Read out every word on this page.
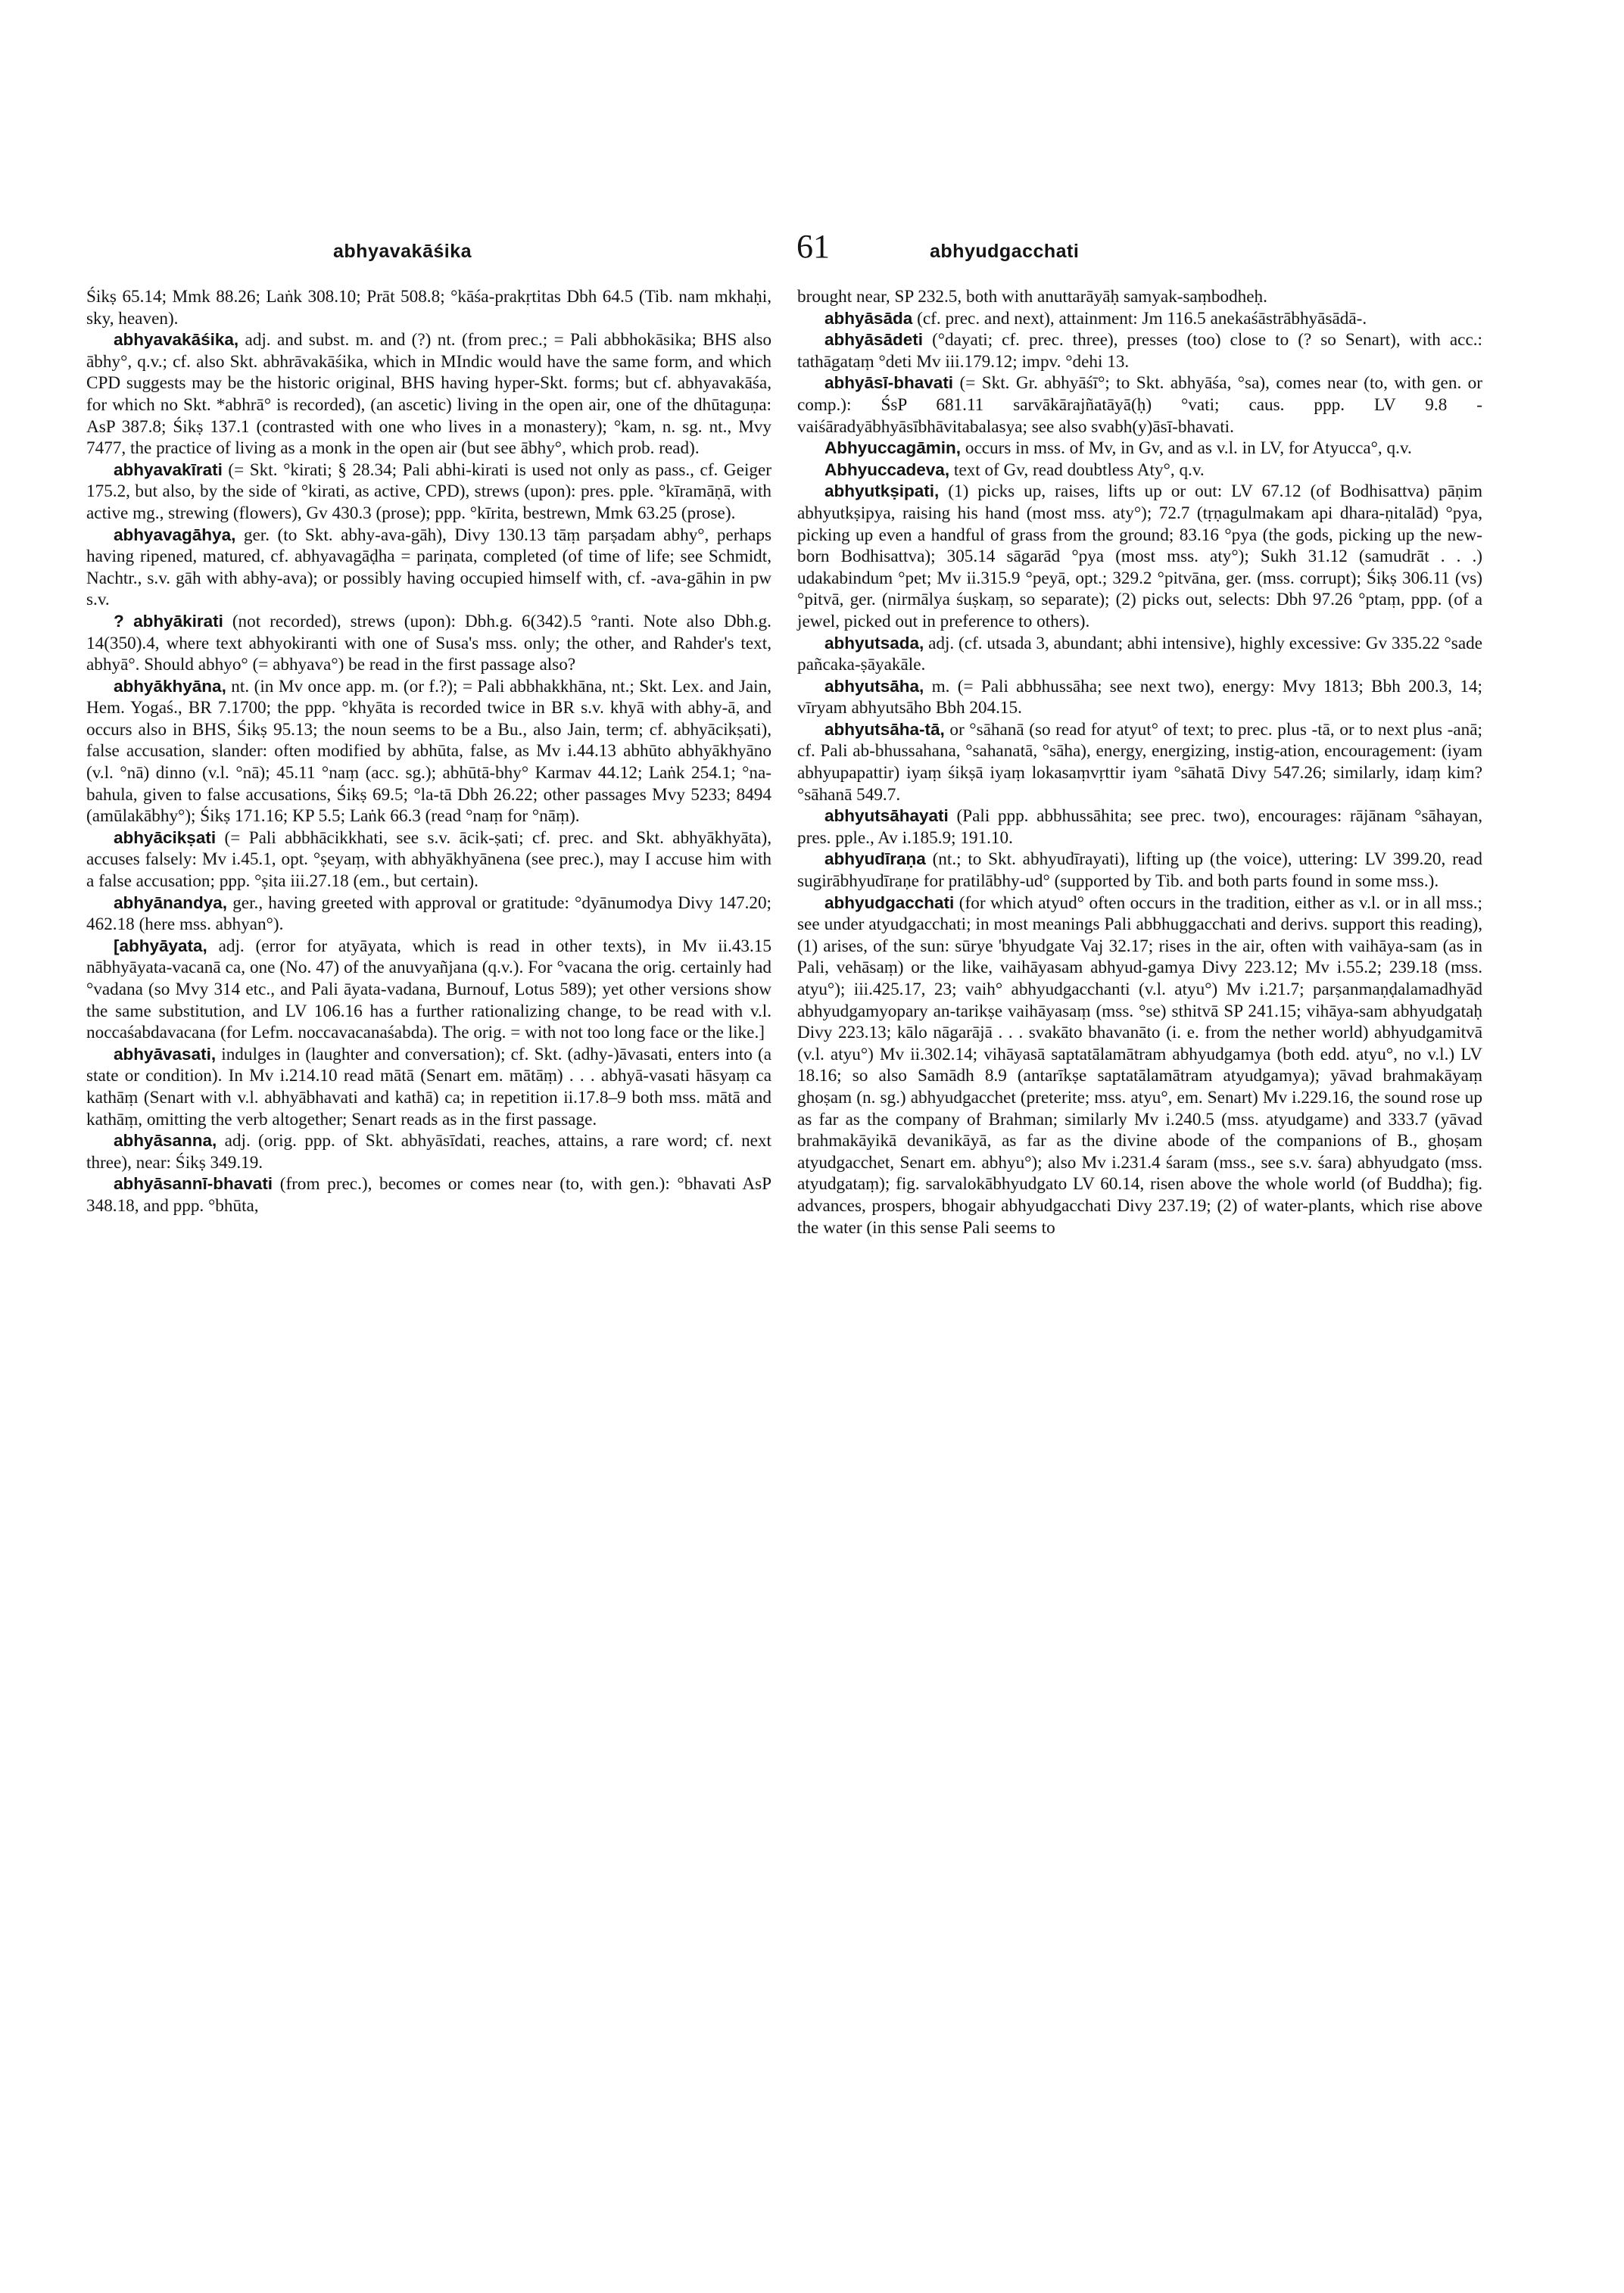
abhyavakāśika	61	abhyudgacchati

Śikṣ 65.14; Mmk 88.26; Laṅk 308.10; Prāt 508.8; °kāśa-prakṛtitas Dbh 64.5 (Tib. nam mkhaḥi, sky, heaven).

abhyavakāśika, adj. and subst. m. and (?) nt. (from prec.; = Pali abbhokāsika; BHS also ābhy°, q.v.; cf. also Skt. abhrāvakāśika, which in MIndic would have the same form, and which CPD suggests may be the historic original, BHS having hyper-Skt. forms; but cf. abhyavakāśa, for which no Skt. *abhrā° is recorded), (an ascetic) living in the open air, one of the dhūtaguṇa: AsP 387.8; Śikṣ 137.1 (contrasted with one who lives in a monastery); °kam, n. sg. nt., Mvy 7477, the practice of living as a monk in the open air (but see ābhy°, which prob. read).

abhyavakīrati (= Skt. °kirati; § 28.34; Pali abhi-kirati is used not only as pass., cf. Geiger 175.2, but also, by the side of °kirati, as active, CPD), strews (upon): pres. pple. °kīramāṇā, with active mg., strewing (flowers), Gv 430.3 (prose); ppp. °kīrita, bestrewn, Mmk 63.25 (prose).

abhyavagāhya, ger. (to Skt. abhy-ava-gāh), Divy 130.13 tāṃ parṣadam abhy°, perhaps having ripened, matured, cf. abhyavagāḍha = pariṇata, completed (of time of life; see Schmidt, Nachtr., s.v. gāh with abhy-ava); or possibly having occupied himself with, cf. -ava-gāhin in pw s.v.

? abhyākirati (not recorded), strews (upon): Dbh.g. 6(342).5 °ranti. Note also Dbh.g. 14(350).4, where text abhyokiranti with one of Susa's mss. only; the other, and Rahder's text, abhyā°. Should abhyo° (= abhyava°) be read in the first passage also?

abhyākhyāna, nt. (in Mv once app. m. (or f.?); = Pali abbhakkhāna, nt.; Skt. Lex. and Jain, Hem. Yogaś., BR 7.1700; the ppp. °khyāta is recorded twice in BR s.v. khyā with abhy-ā, and occurs also in BHS, Śikṣ 95.13; the noun seems to be a Bu., also Jain, term; cf. abhyācikṣati), false accusation, slander: often modified by abhūta, false, as Mv i.44.13 abhūto abhyākhyāno (v.l. °nā) dinno (v.l. °nā); 45.11 °naṃ (acc. sg.); abhūtā-bhy° Karmav 44.12; Laṅk 254.1; °na-bahula, given to false accusations, Śikṣ 69.5; °la-tā Dbh 26.22; other passages Mvy 5233; 8494 (amūlakābhy°); Śikṣ 171.16; KP 5.5; Laṅk 66.3 (read °naṃ for °nāṃ).

abhyācikṣati (= Pali abbhācikkhati, see s.v. ācik-ṣati; cf. prec. and Skt. abhyākhyāta), accuses falsely: Mv i.45.1, opt. °ṣeyaṃ, with abhyākhyānena (see prec.), may I accuse him with a false accusation; ppp. °ṣita iii.27.18 (em., but certain).

abhyānandya, ger., having greeted with approval or gratitude: °dyānumodya Divy 147.20; 462.18 (here mss. abhyan°).

[abhyāyata, adj. (error for atyāyata, which is read in other texts), in Mv ii.43.15 nābhyāyata-vacanā ca, one (No. 47) of the anuvyañjana (q.v.). For °vacana the orig. certainly had °vadana (so Mvy 314 etc., and Pali āyata-vadana, Burnouf, Lotus 589); yet other versions show the same substitution, and LV 106.16 has a further rationalizing change, to be read with v.l. noccaśabdavacana (for Lefm. noccavacanaśabda). The orig. = with not too long face or the like.]

abhyāvasati, indulges in (laughter and conversation); cf. Skt. (adhy-)āvasati, enters into (a state or condition). In Mv i.214.10 read mātā (Senart em. mātāṃ) . . . abhyā-vasati hāsyaṃ ca kathāṃ (Senart with v.l. abhyābhavati and kathā) ca; in repetition ii.17.8–9 both mss. mātā and kathāṃ, omitting the verb altogether; Senart reads as in the first passage.

abhyāsanna, adj. (orig. ppp. of Skt. abhyāsīdati, reaches, attains, a rare word; cf. next three), near: Śikṣ 349.19.

abhyāsannī-bhavati (from prec.), becomes or comes near (to, with gen.): °bhavati AsP 348.18, and ppp. °bhūta,

brought near, SP 232.5, both with anuttarāyāḥ samyak-saṃbodheḥ.

abhyāsāda (cf. prec. and next), attainment: Jm 116.5 anekaśāstrābhyāsādā-.

abhyāsādeti (°dayati; cf. prec. three), presses (too) close to (? so Senart), with acc.: tathāgataṃ °deti Mv iii.179.12; impv. °dehi 13.

abhyāsī-bhavati (= Skt. Gr. abhyāśī°; to Skt. abhyāśa, °sa), comes near (to, with gen. or comp.): ŚsP 681.11 sarvākārajñatāyā(ḥ) °vati; caus. ppp. LV 9.8 -vaiśāradyābhyāsībhāvitabalasya; see also svabh(y)āsī-bhavati.

Abhyuccagāmin, occurs in mss. of Mv, in Gv, and as v.l. in LV, for Atyucca°, q.v.

Abhyuccadeva, text of Gv, read doubtless Aty°, q.v.

abhyutkṣipati, (1) picks up, raises, lifts up or out: LV 67.12 (of Bodhisattva) pāṇim abhyutkṣipya, raising his hand (most mss. aty°); 72.7 (tṛṇagulmakam api dhara-ṇitalād) °pya, picking up even a handful of grass from the ground; 83.16 °pya (the gods, picking up the new-born Bodhisattva); 305.14 sāgarād °pya (most mss. aty°); Sukh 31.12 (samudrāt . . .) udakabindum °pet; Mv ii.315.9 °peyā, opt.; 329.2 °pitvāna, ger. (mss. corrupt); Śikṣ 306.11 (vs) °pitvā, ger. (nirmālya śuṣkaṃ, so separate); (2) picks out, selects: Dbh 97.26 °ptaṃ, ppp. (of a jewel, picked out in preference to others).

abhyutsada, adj. (cf. utsada 3, abundant; abhi intensive), highly excessive: Gv 335.22 °sade pañcaka-ṣāyakāle.

abhyutsāha, m. (= Pali abbhussāha; see next two), energy: Mvy 1813; Bbh 200.3, 14; vīryam abhyutsāho Bbh 204.15.

abhyutsāha-tā, or °sāhanā (so read for atyut° of text; to prec. plus -tā, or to next plus -anā; cf. Pali ab-bhussahana, °sahanatā, °sāha), energy, energizing, instig-ation, encouragement: (iyam abhyupapattir) iyaṃ śikṣā iyaṃ lokasaṃvṛttir iyam °sāhatā Divy 547.26; similarly, idaṃ kim? °sāhanā 549.7.

abhyutsāhayati (Pali ppp. abbhussāhita; see prec. two), encourages: rājānam °sāhayan, pres. pple., Av i.185.9; 191.10.

abhyudīraṇa (nt.; to Skt. abhyudīrayati), lifting up (the voice), uttering: LV 399.20, read sugirābhyudīraṇe for pratilābhy-ud° (supported by Tib. and both parts found in some mss.).

abhyudgacchati (for which atyud° often occurs in the tradition, either as v.l. or in all mss.; see under atyudgacchati; in most meanings Pali abbhuggacchati and derivs. support this reading), (1) arises, of the sun: sūrye 'bhyudgate Vaj 32.17; rises in the air, often with vaihāya-sam (as in Pali, vehāsaṃ) or the like, vaihāyasam abhyud-gamya Divy 223.12; Mv i.55.2; 239.18 (mss. atyu°); iii.425.17, 23; vaih° abhyudgacchanti (v.l. atyu°) Mv i.21.7; parṣanmaṇḍalamadhyād abhyudgamyopary an-tarikṣe vaihāyasaṃ (mss. °se) sthitvā SP 241.15; vihāya-sam abhyudgataḥ Divy 223.13; kālo nāgarājā . . . svakāto bhavanāto (i. e. from the nether world) abhyudgamitvā (v.l. atyu°) Mv ii.302.14; vihāyasā saptatālamātram abhyudgamya (both edd. atyu°, no v.l.) LV 18.16; so also Samādh 8.9 (antarīkṣe saptatālamātram atyudgamya); yāvad brahmakāyaṃ ghoṣam (n. sg.) abhyudgacchet (preterite; mss. atyu°, em. Senart) Mv i.229.16, the sound rose up as far as the company of Brahman; similarly Mv i.240.5 (mss. atyudgame) and 333.7 (yāvad brahmakāyikā devanikāyā, as far as the divine abode of the companions of B., ghoṣam atyudgacchet, Senart em. abhyu°); also Mv i.231.4 śaram (mss., see s.v. śara) abhyudgato (mss. atyudgataṃ); fig. sarvalokābhyudgato LV 60.14, risen above the whole world (of Buddha); fig. advances, prospers, bhogair abhyudgacchati Divy 237.19; (2) of water-plants, which rise above the water (in this sense Pali seems to
